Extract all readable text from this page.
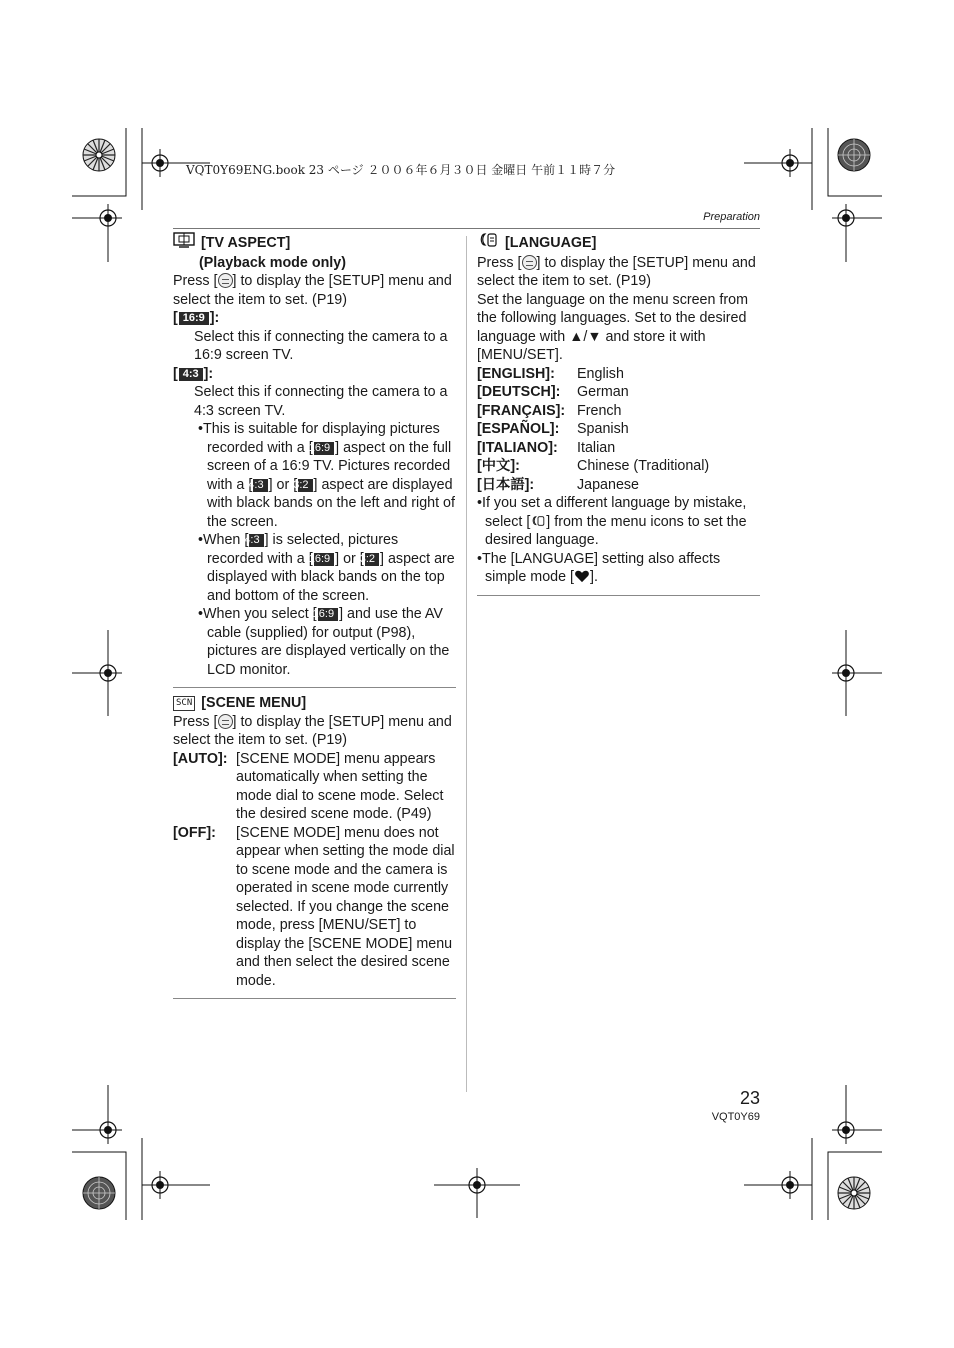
VQT0Y69ENG.book 23 ページ ２００６年６月３０日 金曜日 午前１１時７分
Preparation
[TV ASPECT]

(Playback mode only)

Press [ ] to display the [SETUP] menu and select the item to set. (P19)

[ 16:9 ]:

Select this if connecting the camera to a 16:9 screen TV.

[ 4:3 ]:

Select this if connecting the camera to a 4:3 screen TV.

•This is suitable for displaying pictures recorded with a [16:9 ] aspect on the full screen of a 16:9 TV. Pictures recorded with a [4:3 ] or [3:2 ] aspect are displayed with black bands on the left and right of the screen.

•When [4:3 ] is selected, pictures recorded with a [16:9 ] or [3:2 ] aspect are displayed with black bands on the top and bottom of the screen.

•When you select [16:9 ] and use the AV cable (supplied) for output (P98), pictures are displayed vertically on the LCD monitor.

SCN [SCENE MENU]

Press [ ] to display the [SETUP] menu and select the item to set. (P19)

[AUTO]: [SCENE MODE] menu appears automatically when setting the mode dial to scene mode. Select the desired scene mode. (P49)
[OFF]:	[SCENE MODE] menu does not appear when setting the mode dial to scene mode and the camera is operated in scene mode currently selected. If you change the scene mode, press [MENU/SET] to display the [SCENE MODE] menu and then select the desired scene mode.
[LANGUAGE]

Press [ ] to display the [SETUP] menu and select the item to set. (P19)

Set the language on the menu screen from the following languages. Set to the desired language with ▲/▼ and store it with [MENU/SET].

[ENGLISH]:	English
[DEUTSCH]:	German
[FRANÇAIS]: French
[ESPAÑOL]:	Spanish
[ITALIANO]:	Italian
[中文]:	Chinese (Traditional)
[日本語]:	Japanese

•If you set a different language by mistake, select [ ] from the menu icons to set the desired language.

•The [LANGUAGE] setting also affects simple mode [ ].

23
VQT0Y69
